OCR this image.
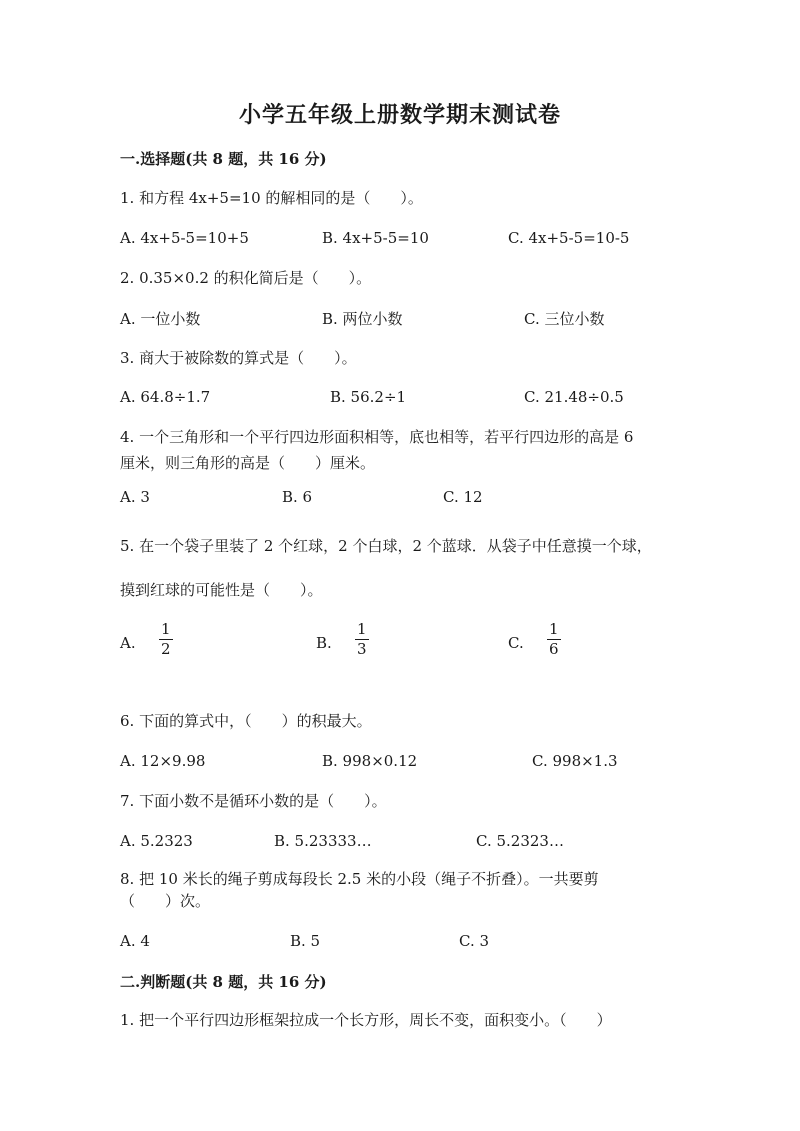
小学五年级上册数学期末测试卷
一.选择题(共 8 题，共 16 分)
1. 和方程 4x+5=10 的解相同的是（　　）。
A. 4x+5-5=10+5	B. 4x+5-5=10	C. 4x+5-5=10-5
2. 0.35×0.2 的积化简后是（　　）。
A. 一位小数	B. 两位小数	C. 三位小数
3. 商大于被除数的算式是（　　）。
A. 64.8÷1.7	B. 56.2÷1	C. 21.48÷0.5
4. 一个三角形和一个平行四边形面积相等，底也相等，若平行四边形的高是 6
厘米，则三角形的高是（　　）厘米。
A. 3	B. 6	C. 12
5. 在一个袋子里装了 2 个红球，2 个白球，2 个蓝球．从袋子中任意摸一个球，
摸到红球的可能性是（　　）。
A.
1
2	B.
1
3	C.
1
6
6. 下面的算式中，（　　）的积最大。
A. 12×9.98	B. 998×0.12	C. 998×1.3
7. 下面小数不是循环小数的是（　　）。
A. 5.2323	B. 5.23333…	C. 5.2323…
8. 把 10 米长的绳子剪成每段长 2.5 米的小段（绳子不折叠）。一共要剪
（　　）次。
A. 4	B. 5	C. 3
二.判断题(共 8 题，共 16 分)
1. 把一个平行四边形框架拉成一个长方形，周长不变，面积变小。（　　）
